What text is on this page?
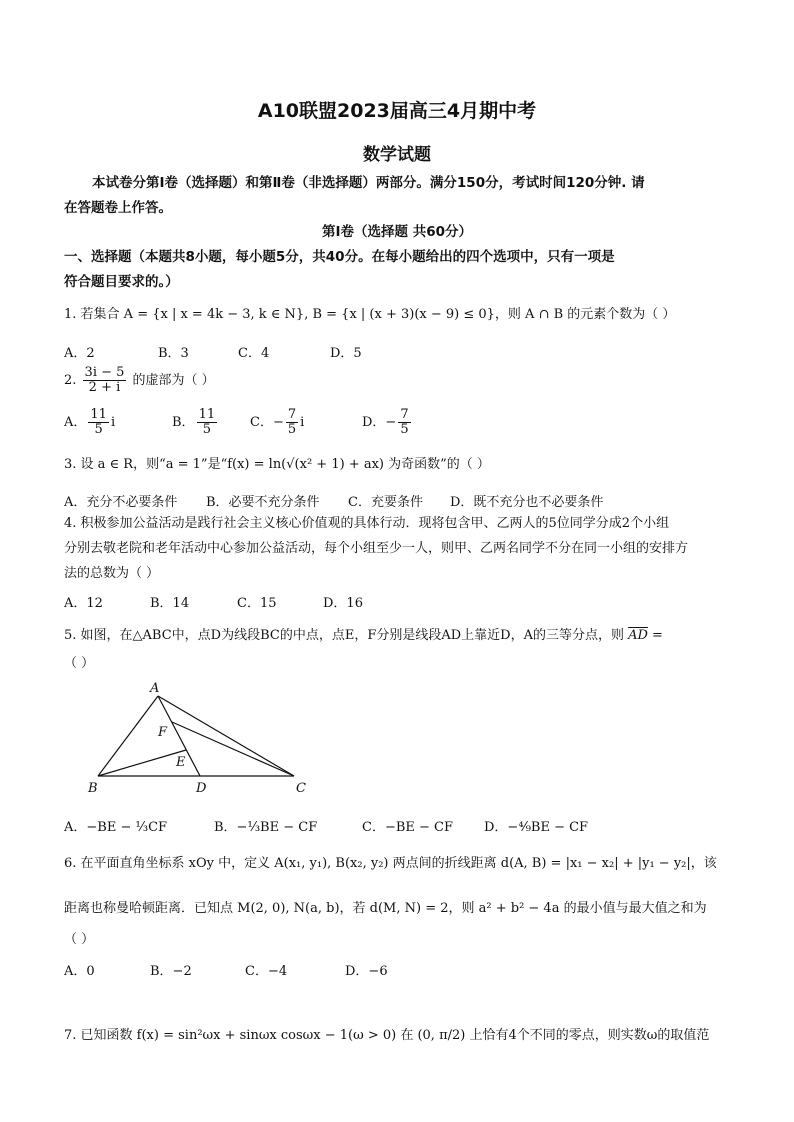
A10联盟2023届高三4月期中考
数学试题
本试卷分第Ⅰ卷（选择题）和第Ⅱ卷（非选择题）两部分。满分150分，考试时间120分钟. 请
在答题卷上作答。
第Ⅰ卷（选择题 共60分）
一、选择题（本题共8小题，每小题5分，共40分。在每小题给出的四个选项中，只有一项是
符合题目要求的。）
1. 若集合 A = {x | x = 4k − 3, k ∈ N}, B = {x | (x + 3)(x − 9) ≤ 0}，则 A ∩ B 的元素个数为（ ）
A．2	B．3	C．4	D．5
2. $\frac{3i - 5}{2 + i}$ 的虚部为（ ）
A． $\frac{11}{5}$ i	B． $\frac{11}{5}$	C．− $\frac{7}{5}$ i	D．− $\frac{7}{5}$
3. 设 a ∈ R，则“a = 1”是“f(x) = ln(√(x² + 1) + ax) 为奇函数”的（ ）
A．充分不必要条件 B．必要不充分条件 C．充要条件 D．既不充分也不必要条件
4. 积极参加公益活动是践行社会主义核心价值观的具体行动．现将包含甲、乙两人的5位同学分成2个小组
分别去敬老院和老年活动中心参加公益活动，每个小组至少一人，则甲、乙两名同学不分在同一小组的安排方
法的总数为（ ）
A．12	B．14	C．15	D．16
5. 如图，在△ABC中，点D为线段BC的中点，点E，F分别是线段AD上靠近D，A的三等分点，则 $\overline{AD}$ =
（ ）
A
B	C
D
E
F
A．−BE − ⅓CF	B．−⅓BE − CF	C．−BE − CF D．−⁴⁄₉BE − CF
6. 在平面直角坐标系 xOy 中，定义 A(x₁, y₁), B(x₂, y₂) 两点间的折线距离 d(A, B) = |x₁ − x₂| + |y₁ − y₂|，该
距离也称曼哈顿距离．已知点 M(2, 0), N(a, b)，若 d(M, N) = 2，则 a² + b² − 4a 的最小值与最大值之和为
（ ）
A．0	B．−2	C．−4	D．−6
7. 已知函数 f(x) = sin²ωx + sinωx cosωx − 1(ω > 0) 在 (0, π/2) 上恰有4个不同的零点，则实数ω的取值范
